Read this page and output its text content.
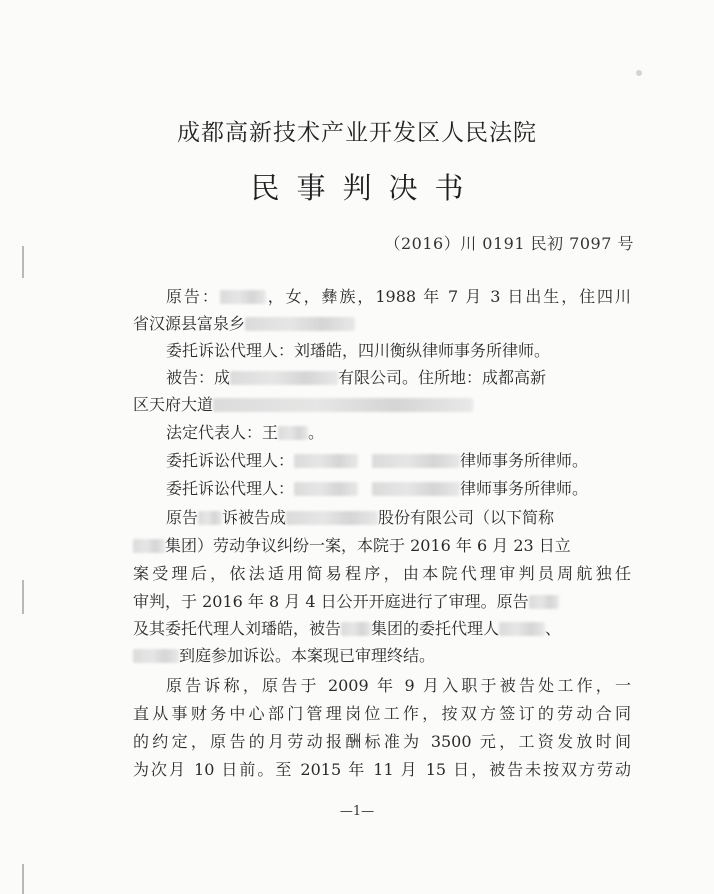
成都高新技术产业开发区人民法院
民事判决书
（2016）川 0191 民初 7097 号
原告：	，女，彝族，1988 年 7 月 3 日出生，住四川
省汉源县富泉乡
委托诉讼代理人：刘璠皓，四川衡纵律师事务所律师。
被告：成	有限公司。住所地：成都高新
区天府大道
法定代表人：王 。
委托诉讼代理人：	律师事务所律师。
委托诉讼代理人：	律师事务所律师。
原告 诉被告成	股份有限公司（以下简称
集团）劳动争议纠纷一案，本院于 2016 年 6 月 23 日立
案受理后，依法适用简易程序，由本院代理审判员周航独任
审判，于 2016 年 8 月 4 日公开开庭进行了审理。原告
及其委托代理人刘璠皓，被告 集团的委托代理人	、
到庭参加诉讼。本案现已审理终结。
原告诉称，原告于 2009 年 9 月入职于被告处工作，一
直从事财务中心部门管理岗位工作，按双方签订的劳动合同
的约定，原告的月劳动报酬标准为 3500 元，工资发放时间
为次月 10 日前。至 2015 年 11 月 15 日，被告未按双方劳动
—1—
